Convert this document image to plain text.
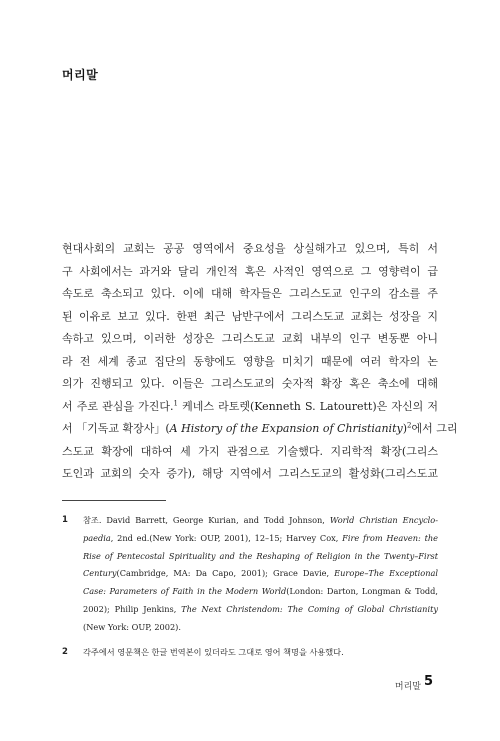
머리말
현대사회의 교회는 공공 영역에서 중요성을 상실해가고 있으며, 특히 서
구 사회에서는 과거와 달리 개인적 혹은 사적인 영역으로 그 영향력이 급
속도로 축소되고 있다. 이에 대해 학자들은 그리스도교 인구의 감소를 주
된 이유로 보고 있다. 한편 최근 남반구에서 그리스도교 교회는 성장을 지
속하고 있으며, 이러한 성장은 그리스도교 교회 내부의 인구 변동뿐 아니
라 전 세계 종교 집단의 동향에도 영향을 미치기 때문에 여러 학자의 논
의가 진행되고 있다. 이들은 그리스도교의 숫자적 확장 혹은 축소에 대해
서 주로 관심을 가진다.$^1$ 케네스 라토렛(Kenneth S. Latourett)은 자신의 저
서 「기독교 확장사」(A History of the Expansion of Christianity)$^2$에서 그리
스도교 확장에 대하여 세 가지 관점으로 기술했다. 지리학적 확장(그리스
도인과 교회의 숫자 증가), 해당 지역에서 그리스도교의 활성화(그리스도교
1	참조. David Barrett, George Kurian, and Todd Johnson, World Christian Encyclo-
paedia, 2nd ed.(New York: OUP, 2001), 12–15; Harvey Cox, Fire from Heaven: the
Rise of Pentecostal Spirituality and the Reshaping of Religion in the Twenty–First
Century(Cambridge, MA: Da Capo, 2001); Grace Davie, Europe–The Exceptional
Case: Parameters of Faith in the Modern World(London: Darton, Longman & Todd,
2002); Philip Jenkins, The Next Christendom: The Coming of Global Christianity
(New York: OUP, 2002).
2	각주에서 영문책은 한글 번역본이 있더라도 그대로 영어 책명을 사용했다.
머리말 5
